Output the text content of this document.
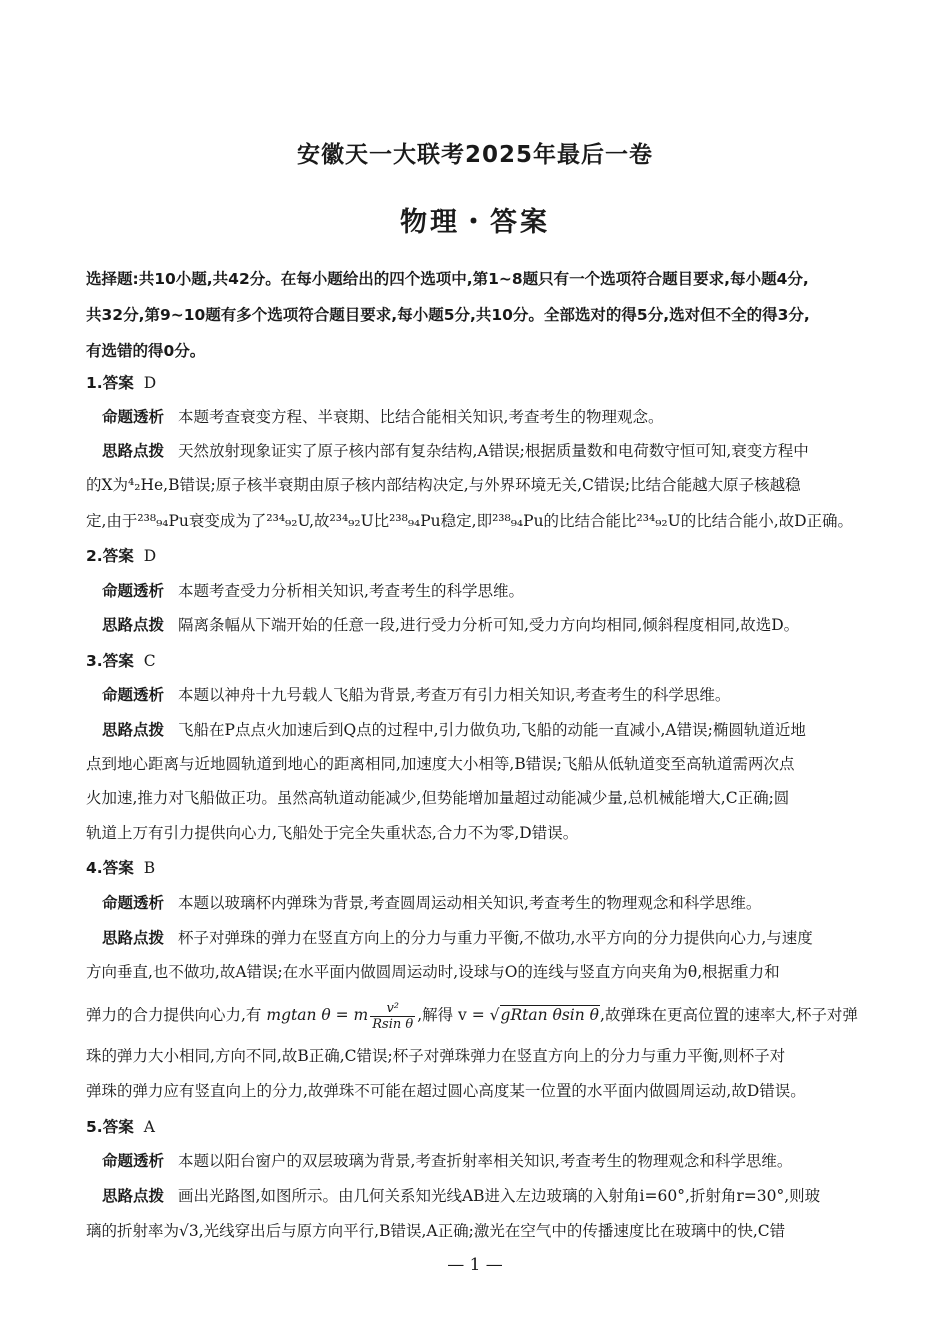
安徽天一大联考2025年最后一卷
物理・答案
选择题:共10小题,共42分。在每小题给出的四个选项中,第1~8题只有一个选项符合题目要求,每小题4分,
共32分,第9~10题有多个选项符合题目要求,每小题5分,共10分。全部选对的得5分,选对但不全的得3分,
有选错的得0分。
1.答案 D
命题透析 本题考查衰变方程、半衰期、比结合能相关知识,考查考生的物理观念。
思路点拨 天然放射现象证实了原子核内部有复杂结构,A错误;根据质量数和电荷数守恒可知,衰变方程中
的X为⁴₂He,B错误;原子核半衰期由原子核内部结构决定,与外界环境无关,C错误;比结合能越大原子核越稳
定,由于²³⁸₉₄Pu衰变成为了²³⁴₉₂U,故²³⁴₉₂U比²³⁸₉₄Pu稳定,即²³⁸₉₄Pu的比结合能比²³⁴₉₂U的比结合能小,故D正确。
2.答案 D
命题透析 本题考查受力分析相关知识,考查考生的科学思维。
思路点拨 隔离条幅从下端开始的任意一段,进行受力分析可知,受力方向均相同,倾斜程度相同,故选D。
3.答案 C
命题透析 本题以神舟十九号载人飞船为背景,考查万有引力相关知识,考查考生的科学思维。
思路点拨 飞船在P点点火加速后到Q点的过程中,引力做负功,飞船的动能一直减小,A错误;椭圆轨道近地
点到地心距离与近地圆轨道到地心的距离相同,加速度大小相等,B错误;飞船从低轨道变至高轨道需两次点
火加速,推力对飞船做正功。虽然高轨道动能减少,但势能增加量超过动能减少量,总机械能增大,C正确;圆
轨道上万有引力提供向心力,飞船处于完全失重状态,合力不为零,D错误。
4.答案 B
命题透析 本题以玻璃杯内弹珠为背景,考查圆周运动相关知识,考查考生的物理观念和科学思维。
思路点拨 杯子对弹珠的弹力在竖直方向上的分力与重力平衡,不做功,水平方向的分力提供向心力,与速度
方向垂直,也不做功,故A错误;在水平面内做圆周运动时,设球与O的连线与竖直方向夹角为θ,根据重力和
弹力的合力提供向心力,有 mgtan θ = m $\frac{\text{v²}}{\text{Rsin θ}}$ ,解得 v = √gRtan θsin θ,故弹珠在更高位置的速率大,杯子对弹
珠的弹力大小相同,方向不同,故B正确,C错误;杯子对弹珠弹力在竖直方向上的分力与重力平衡,则杯子对
弹珠的弹力应有竖直向上的分力,故弹珠不可能在超过圆心高度某一位置的水平面内做圆周运动,故D错误。
5.答案 A
命题透析 本题以阳台窗户的双层玻璃为背景,考查折射率相关知识,考查考生的物理观念和科学思维。
思路点拨 画出光路图,如图所示。由几何关系知光线AB进入左边玻璃的入射角i=60°,折射角r=30°,则玻
璃的折射率为√3,光线穿出后与原方向平行,B错误,A正确;激光在空气中的传播速度比在玻璃中的快,C错
— 1 —
